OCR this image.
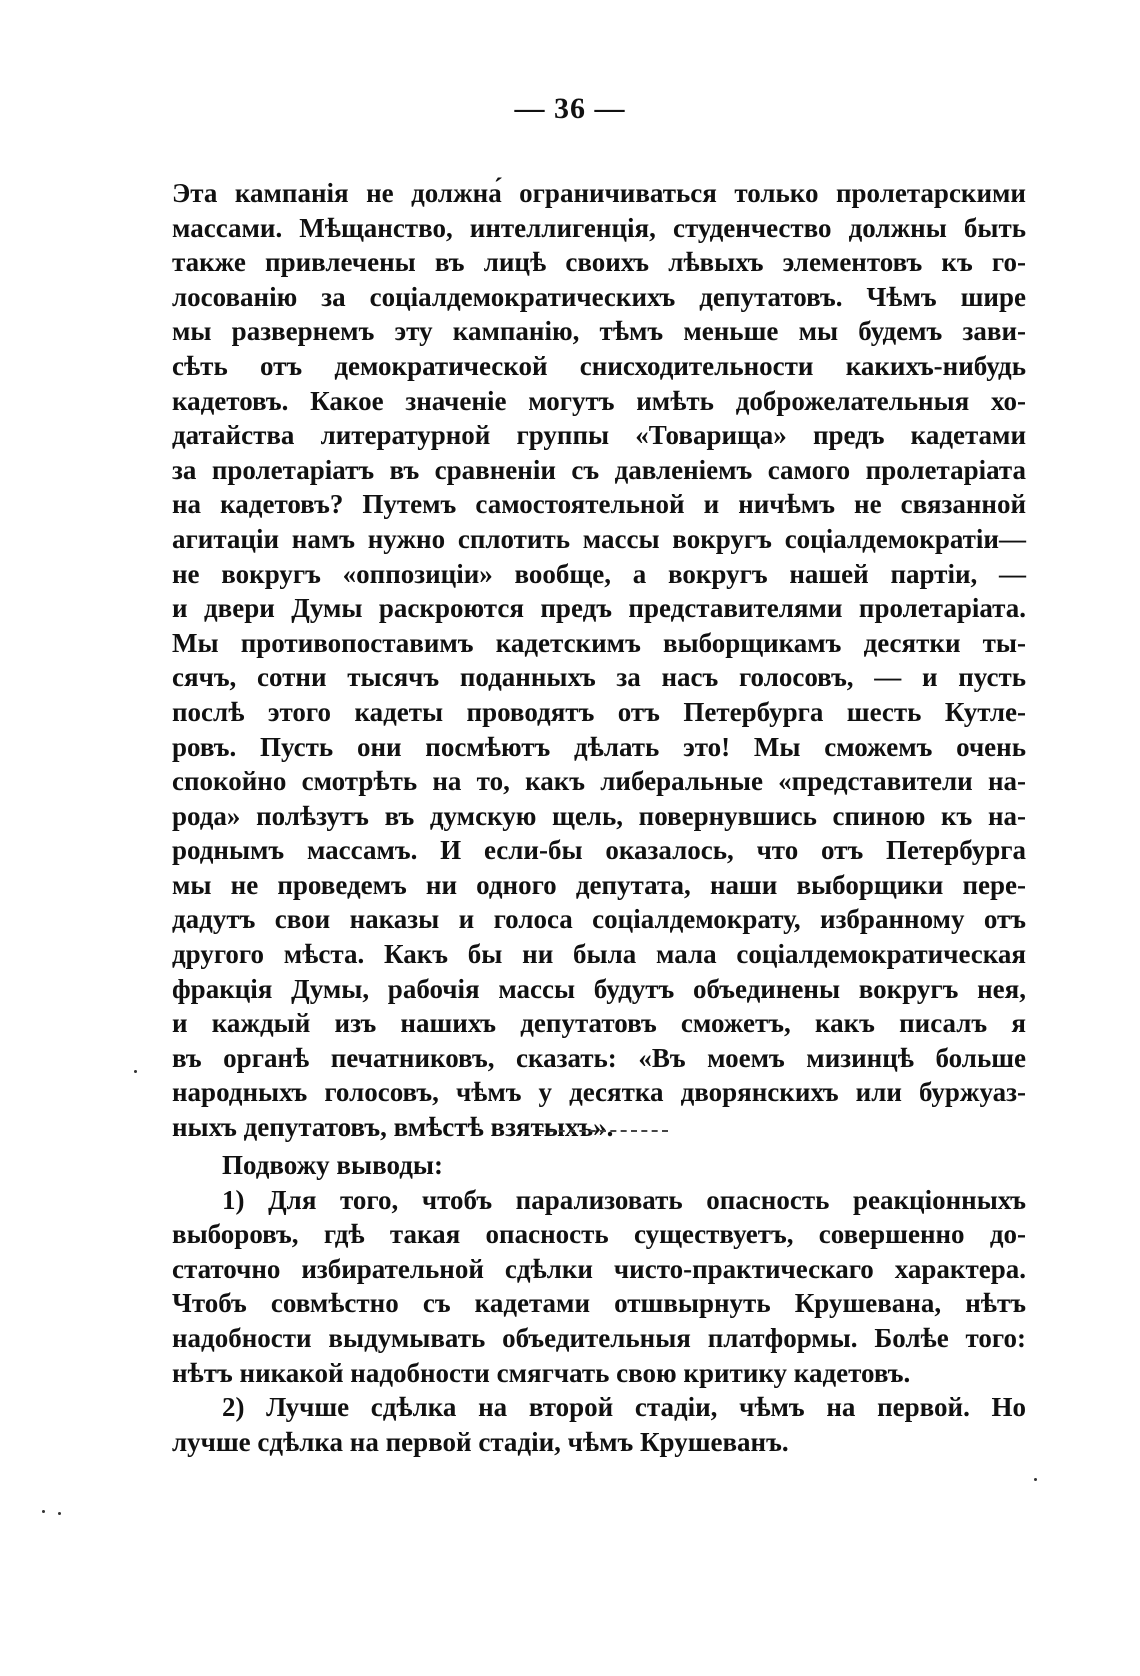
— 36 —
Эта кампанія не должна́ ограничиваться только пролетарскими
массами. Мѣщанство, интеллигенція, студенчество должны быть
также привлечены въ лицѣ своихъ лѣвыхъ элементовъ къ го-
лосованію за соціалдемократическихъ депутатовъ. Чѣмъ шире
мы развернемъ эту кампанію, тѣмъ меньше мы будемъ зави-
сѣть отъ демократической снисходительности какихъ-нибудь
кадетовъ. Какое значеніе могутъ имѣть доброжелательныя хо-
датайства литературной группы «Товарища» предъ кадетами
за пролетаріатъ въ сравненіи съ давленіемъ самого пролетаріата
на кадетовъ? Путемъ самостоятельной и ничѣмъ не связанной
агитаціи намъ нужно сплотить массы вокругъ соціалдемократіи—
не вокругъ «оппозиціи» вообще, а вокругъ нашей партіи, —
и двери Думы раскроются предъ представителями пролетаріата.
Мы противопоставимъ кадетскимъ выборщикамъ десятки ты-
сячъ, сотни тысячъ поданныхъ за насъ голосовъ, — и пусть
послѣ этого кадеты проводятъ отъ Петербурга шесть Кутле-
ровъ. Пусть они посмѣютъ дѣлать это! Мы сможемъ очень
спокойно смотрѣть на то, какъ либеральные «представители на-
рода» полѣзутъ въ думскую щель, повернувшись спиною къ на-
роднымъ массамъ. И если-бы оказалось, что отъ Петербурга
мы не проведемъ ни одного депутата, наши выборщики пере-
дадутъ свои наказы и голоса соціалдемократу, избранному отъ
другого мѣста. Какъ бы ни была мала соціалдемократическая
фракція Думы, рабочія массы будутъ объединены вокругъ нея,
и каждый изъ нашихъ депутатовъ сможетъ, какъ писалъ я
въ органѣ печатниковъ, сказать: «Въ моемъ мизинцѣ больше
народныхъ голосовъ, чѣмъ у десятка дворянскихъ или буржуаз-
ныхъ депутатовъ, вмѣстѣ взятыхъ».
Подвожу выводы:
1) Для того, чтобъ парализовать опасность реакціонныхъ
выборовъ, гдѣ такая опасность существуетъ, совершенно до-
статочно избирательной сдѣлки чисто-практическаго характера.
Чтобъ совмѣстно съ кадетами отшвырнуть Крушевана, нѣтъ
надобности выдумывать объедительныя платформы. Болѣе того:
нѣтъ никакой надобности смягчать свою критику кадетовъ.
2) Лучше сдѣлка на второй стадіи, чѣмъ на первой. Но
лучше сдѣлка на первой стадіи, чѣмъ Крушеванъ.
